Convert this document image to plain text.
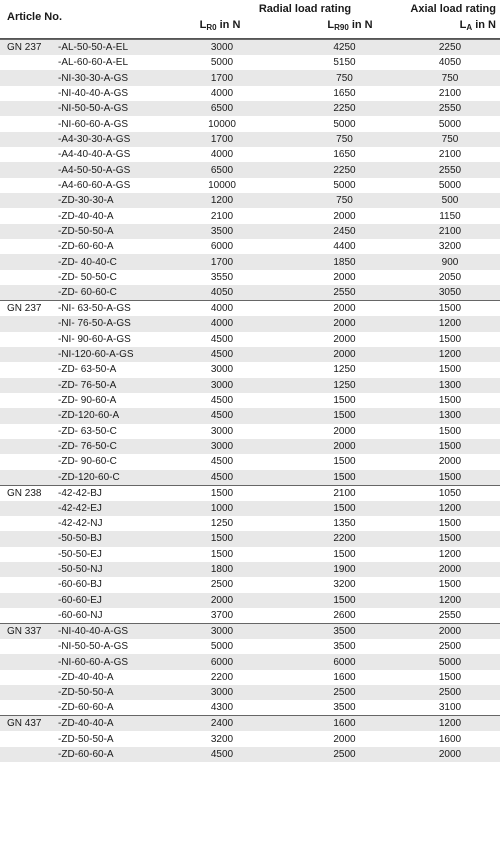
Article No.
Radial load rating
$L_{R0}$ in N	$L_{R90}$ in N
Axial load rating
$L_A$ in N
GN 237	-AL-50-50-A-EL	3000	4250	2250
	-AL-60-60-A-EL	5000	5150	4050
	-NI-30-30-A-GS	1700	750	750
	-NI-40-40-A-GS	4000	1650	2100
	-NI-50-50-A-GS	6500	2250	2550
	-NI-60-60-A-GS	10000	5000	5000
	-A4-30-30-A-GS	1700	750	750
	-A4-40-40-A-GS	4000	1650	2100
	-A4-50-50-A-GS	6500	2250	2550
	-A4-60-60-A-GS	10000	5000	5000
	-ZD-30-30-A	1200	750	500
	-ZD-40-40-A	2100	2000	1150
	-ZD-50-50-A	3500	2450	2100
	-ZD-60-60-A	6000	4400	3200
	-ZD- 40-40-C	1700	1850	900
	-ZD- 50-50-C	3550	2000	2050
	-ZD- 60-60-C	4050	2550	3050
GN 237	-NI- 63-50-A-GS	4000	2000	1500
	-NI- 76-50-A-GS	4000	2000	1200
	-NI- 90-60-A-GS	4500	2000	1500
	-NI-120-60-A-GS	4500	2000	1200
	-ZD- 63-50-A	3000	1250	1500
	-ZD- 76-50-A	3000	1250	1300
	-ZD- 90-60-A	4500	1500	1500
	-ZD-120-60-A	4500	1500	1300
	-ZD- 63-50-C	3000	2000	1500
	-ZD- 76-50-C	3000	2000	1500
	-ZD- 90-60-C	4500	1500	2000
	-ZD-120-60-C	4500	1500	1500
GN 238	-42-42-BJ	1500	2100	1050
	-42-42-EJ	1000	1500	1200
	-42-42-NJ	1250	1350	1500
	-50-50-BJ	1500	2200	1500
	-50-50-EJ	1500	1500	1200
	-50-50-NJ	1800	1900	2000
	-60-60-BJ	2500	3200	1500
	-60-60-EJ	2000	1500	1200
	-60-60-NJ	3700	2600	2550
GN 337	-NI-40-40-A-GS	3000	3500	2000
	-NI-50-50-A-GS	5000	3500	2500
	-NI-60-60-A-GS	6000	6000	5000
	-ZD-40-40-A	2200	1600	1500
	-ZD-50-50-A	3000	2500	2500
	-ZD-60-60-A	4300	3500	3100
GN 437	-ZD-40-40-A	2400	1600	1200
	-ZD-50-50-A	3200	2000	1600
	-ZD-60-60-A	4500	2500	2000
